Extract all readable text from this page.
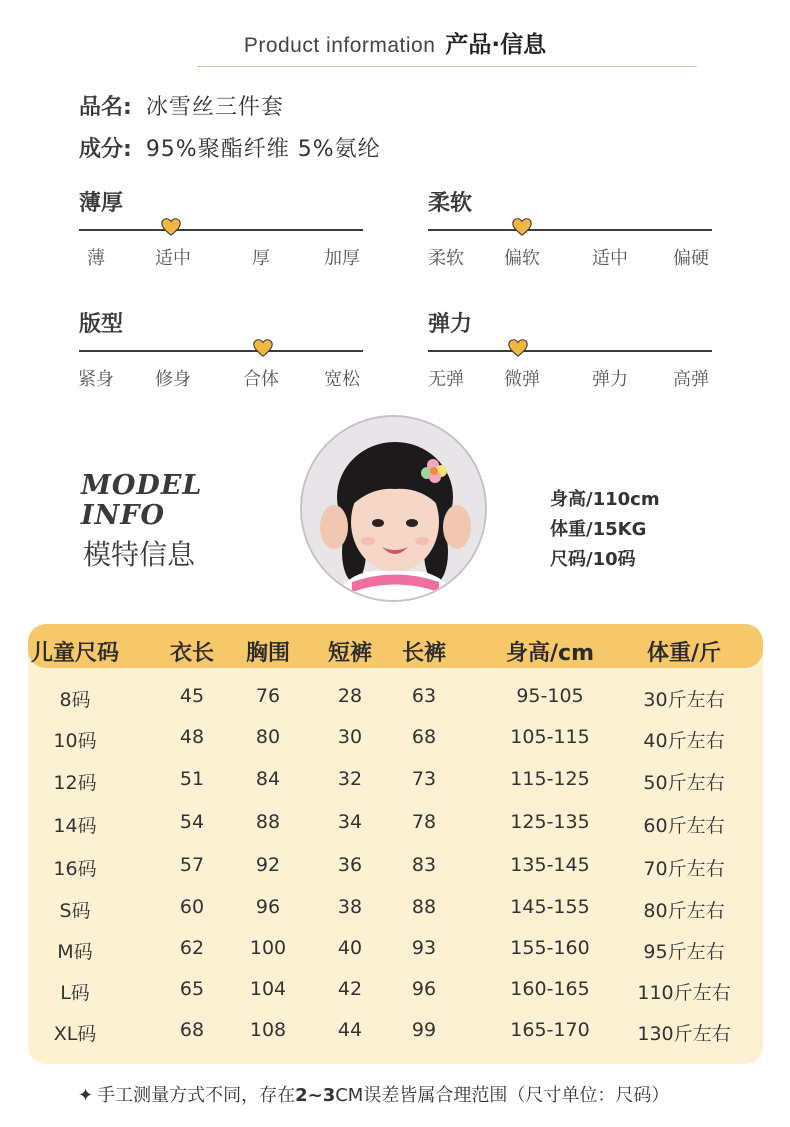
Product information 产品·信息
品名: 冰雪丝三件套
成分: 95%聚酯纤维 5%氨纶
薄厚
薄	适中	厚	加厚
柔软
柔软 偏软	适中	偏硬
版型
紧身 修身	合体	宽松
弹力
无弹 微弹	弹力	高弹
MODEL
INFO
模特信息
身高/110cm
体重/15KG
尺码/10码
儿童尺码 衣长 胸围 短裤 长裤	身高/cm 体重/斤
8码	45	76	28	63	95-105	30斤左右
10码	48	80	30	68	105-115	40斤左右
12码	51	84	32	73	115-125	50斤左右
14码	54	88	34	78	125-135	60斤左右
16码	57	92	36	83	135-145	70斤左右
S码	60	96	38	88	145-155	80斤左右
M码	62 100	40	93	155-160	95斤左右
L码	65 104	42	96	160-165	110斤左右
XL码	68 108	44	99	165-170	130斤左右
✦ 手工测量方式不同，存在2~3CM误差皆属合理范围（尺寸单位：尺码）
